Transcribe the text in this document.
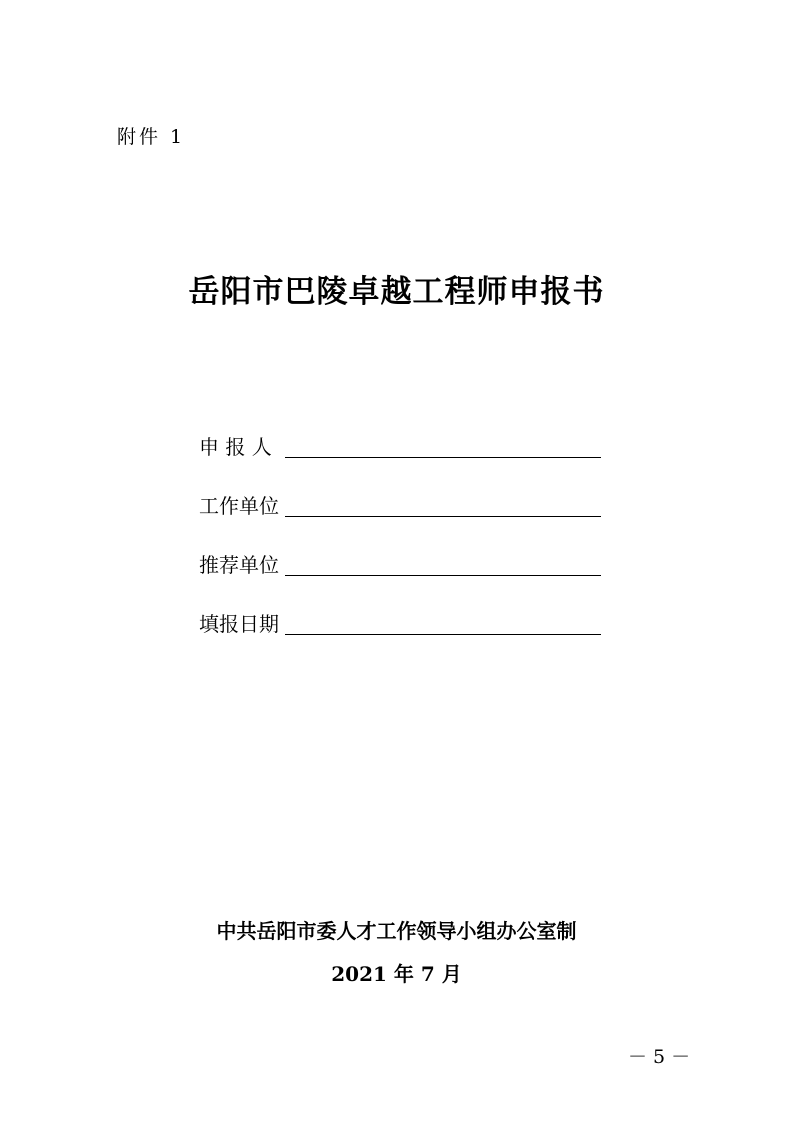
附件 1
岳阳市巴陵卓越工程师申报书
申 报 人
工作单位
推荐单位
填报日期
中共岳阳市委人才工作领导小组办公室制
2021 年 7 月
－ 5 －
